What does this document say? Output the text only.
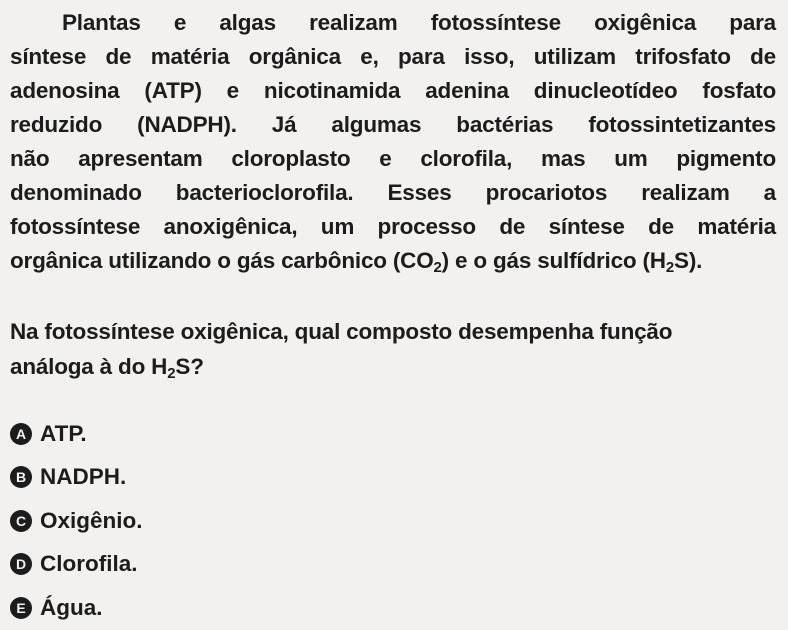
Plantas e algas realizam fotossíntese oxigênica para
síntese de matéria orgânica e, para isso, utilizam trifosfato de
adenosina (ATP) e nicotinamida adenina dinucleotídeo fosfato
reduzido (NADPH). Já algumas bactérias fotossintetizantes
não apresentam cloroplasto e clorofila, mas um pigmento
denominado bacterioclorofila. Esses procariotos realizam a
fotossíntese anoxigênica, um processo de síntese de matéria
orgânica utilizando o gás carbônico $(CO_2)$ e o gás sulfídrico $(H_2S)$.
Na fotossíntese oxigênica, qual composto desempenha função
análoga à do $H_2S$?
A ATP.
B NADPH.
C Oxigênio.
D Clorofila.
E Água.
